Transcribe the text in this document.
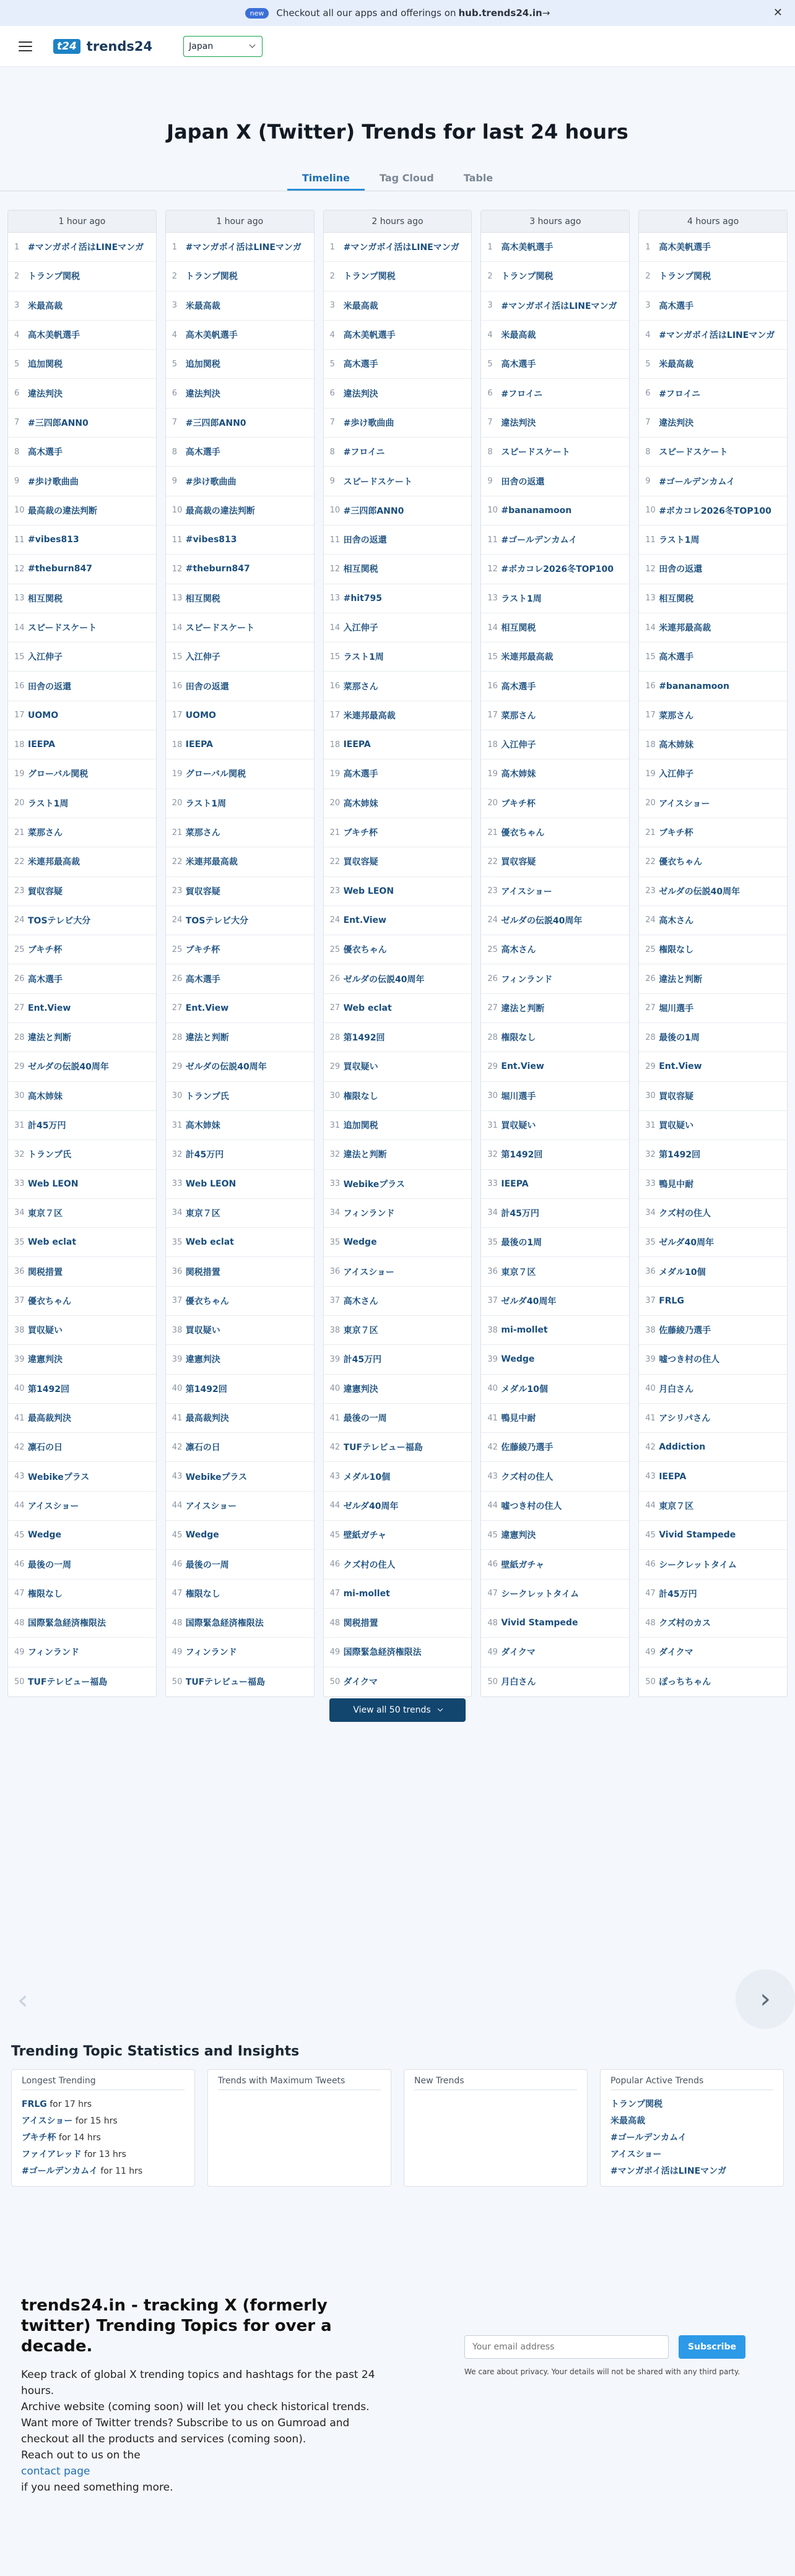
new	Checkout all our apps and offerings on hub.trends24.in→	✕
t24 trends24	Japan
Japan X (Twitter) Trends for last 24 hours
Timeline	Tag Cloud	Table
1 hour ago
1 #マンガボイ活はLINEマンガ
2 トランプ関税
3 米最高裁
4 高木美帆選手
5 追加関税
6 違法判決
7 #三四郎ANN0
8 高木選手
9 #歩け歌曲曲
10 最高裁の違法判断
11 #vibes813
12 #theburn847
13 相互関税
14 スピードスケート
15 入江伸子
16 田舎の返還
17 UOMO
18 IEEPA
19 グローバル関税
20 ラスト1周
21 菜那さん
22 米連邦最高裁
23 貿収容疑
24 TOSテレビ大分
25 ブキチ杯
26 高木選手
27 Ent.View
28 違法と判断
29 ゼルダの伝説40周年
30 高木姉妹
31 計45万円
32 トランプ氏
33 Web LEON
34 東京７区
35 Web eclat
36 関税措置
37 優衣ちゃん
38 買収疑い
39 違憲判決
40 第1492回
41 最高裁判決
42 凛石の日
43 Webikeプラス
44 アイスショー
45 Wedge
46 最後の一周
47 権限なし
48 国際緊急経済権限法
49 フィンランド
50 TUFテレビュー福島
1 hour ago
1 #マンガボイ活はLINEマンガ
2 トランプ関税
3 米最高裁
4 高木美帆選手
5 追加関税
6 違法判決
7 #三四郎ANN0
8 高木選手
9 #歩け歌曲曲
10 最高裁の違法判断
11 #vibes813
12 #theburn847
13 相互関税
14 スピードスケート
15 入江伸子
16 田舎の返還
17 UOMO
18 IEEPA
19 グローバル関税
20 ラスト1周
21 菜那さん
22 米連邦最高裁
23 貿収容疑
24 TOSテレビ大分
25 ブキチ杯
26 高木選手
27 Ent.View
28 違法と判断
29 ゼルダの伝説40周年
30 トランプ氏
31 高木姉妹
32 計45万円
33 Web LEON
34 東京７区
35 Web eclat
36 関税措置
37 優衣ちゃん
38 買収疑い
39 違憲判決
40 第1492回
41 最高裁判決
42 凛石の日
43 Webikeプラス
44 アイスショー
45 Wedge
46 最後の一周
47 権限なし
48 国際緊急経済権限法
49 フィンランド
50 TUFテレビュー福島
2 hours ago
1 #マンガボイ活はLINEマンガ
2 トランプ関税
3 米最高裁
4 高木美帆選手
5 高木選手
6 違法判決
7 #歩け歌曲曲
8 #フロイニ
9 スピードスケート
10 #三四郎ANN0
11 田舎の返還
12 相互関税
13 #hit795
14 入江伸子
15 ラスト1周
16 菜那さん
17 米連邦最高裁
18 IEEPA
19 高木選手
20 高木姉妹
21 ブキチ杯
22 買収容疑
23 Web LEON
24 Ent.View
25 優衣ちゃん
26 ゼルダの伝説40周年
27 Web eclat
28 第1492回
29 買収疑い
30 権限なし
31 追加関税
32 違法と判断
33 Webikeプラス
34 フィンランド
35 Wedge
36 アイスショー
37 高木さん
38 東京７区
39 計45万円
40 違憲判決
41 最後の一周
42 TUFテレビュー福島
43 メダル10個
44 ゼルダ40周年
45 壁紙ガチャ
46 クズ村の住人
47 mi-mollet
48 関税措置
49 国際緊急経済権限法
50 ダイクマ
3 hours ago
1 高木美帆選手
2 トランプ関税
3 #マンガボイ活はLINEマンガ
4 米最高裁
5 高木選手
6 #フロイニ
7 違法判決
8 スピードスケート
9 田舎の返還
10 #bananamoon
11 #ゴールデンカムイ
12 #ボカコレ2026冬TOP100
13 ラスト1周
14 相互関税
15 米連邦最高裁
16 高木選手
17 菜那さん
18 入江伸子
19 高木姉妹
20 ブキチ杯
21 優衣ちゃん
22 買収容疑
23 アイスショー
24 ゼルダの伝説40周年
25 高木さん
26 フィンランド
27 違法と判断
28 権限なし
29 Ent.View
30 堀川選手
31 買収疑い
32 第1492回
33 IEEPA
34 計45万円
35 最後の1周
36 東京７区
37 ゼルダ40周年
38 mi-mollet
39 Wedge
40 メダル10個
41 鴨見中耐
42 佐藤綾乃選手
43 クズ村の住人
44 嘘つき村の住人
45 違憲判決
46 壁紙ガチャ
47 シークレットタイム
48 Vivid Stampede
49 ダイクマ
50 月白さん
4 hours ago
1 高木美帆選手
2 トランプ関税
3 高木選手
4 #マンガボイ活はLINEマンガ
5 米最高裁
6 #フロイニ
7 違法判決
8 スピードスケート
9 #ゴールデンカムイ
10 #ボカコレ2026冬TOP100
11 ラスト1周
12 田舎の返還
13 相互関税
14 米連邦最高裁
15 高木選手
16 #bananamoon
17 菜那さん
18 高木姉妹
19 入江伸子
20 アイスショー
21 ブキチ杯
22 優衣ちゃん
23 ゼルダの伝説40周年
24 高木さん
25 権限なし
26 違法と判断
27 堀川選手
28 最後の1周
29 Ent.View
30 買収容疑
31 買収疑い
32 第1492回
33 鴨見中耐
34 クズ村の住人
35 ゼルダ40周年
36 メダル10個
37 FRLG
38 佐藤綾乃選手
39 嘘つき村の住人
40 月白さん
41 アシリパさん
42 Addiction
43 IEEPA
44 東京７区
45 Vivid Stampede
46 シークレットタイム
47 計45万円
48 クズ村のカス
49 ダイクマ
50 ぽっちちゃん
View all 50 trends
‹	›
Trending Topic Statistics and Insights
Longest Trending
FRLG for 17 hrs
アイスショー for 15 hrs
ブキチ杯 for 14 hrs
ファイアレッド for 13 hrs
#ゴールデンカムイ for 11 hrs
Trends with Maximum Tweets	New Trends	Popular Active Trends
トランプ関税
米最高裁
#ゴールデンカムイ
アイスショー
#マンガボイ活はLINEマンガ
trends24.in - tracking X (formerly twitter) Trending Topics for over a decade.

Keep track of global X trending topics and hashtags for the past 24 hours.
Archive website (coming soon) will let you check historical trends.
Want more of Twitter trends? Subscribe to us on Gumroad and checkout all the products and services (coming soon).
Reach out to us on the
contact page
if you need something more.

Your email address
Subscribe

We care about privacy. Your details will not be shared with any third party.
